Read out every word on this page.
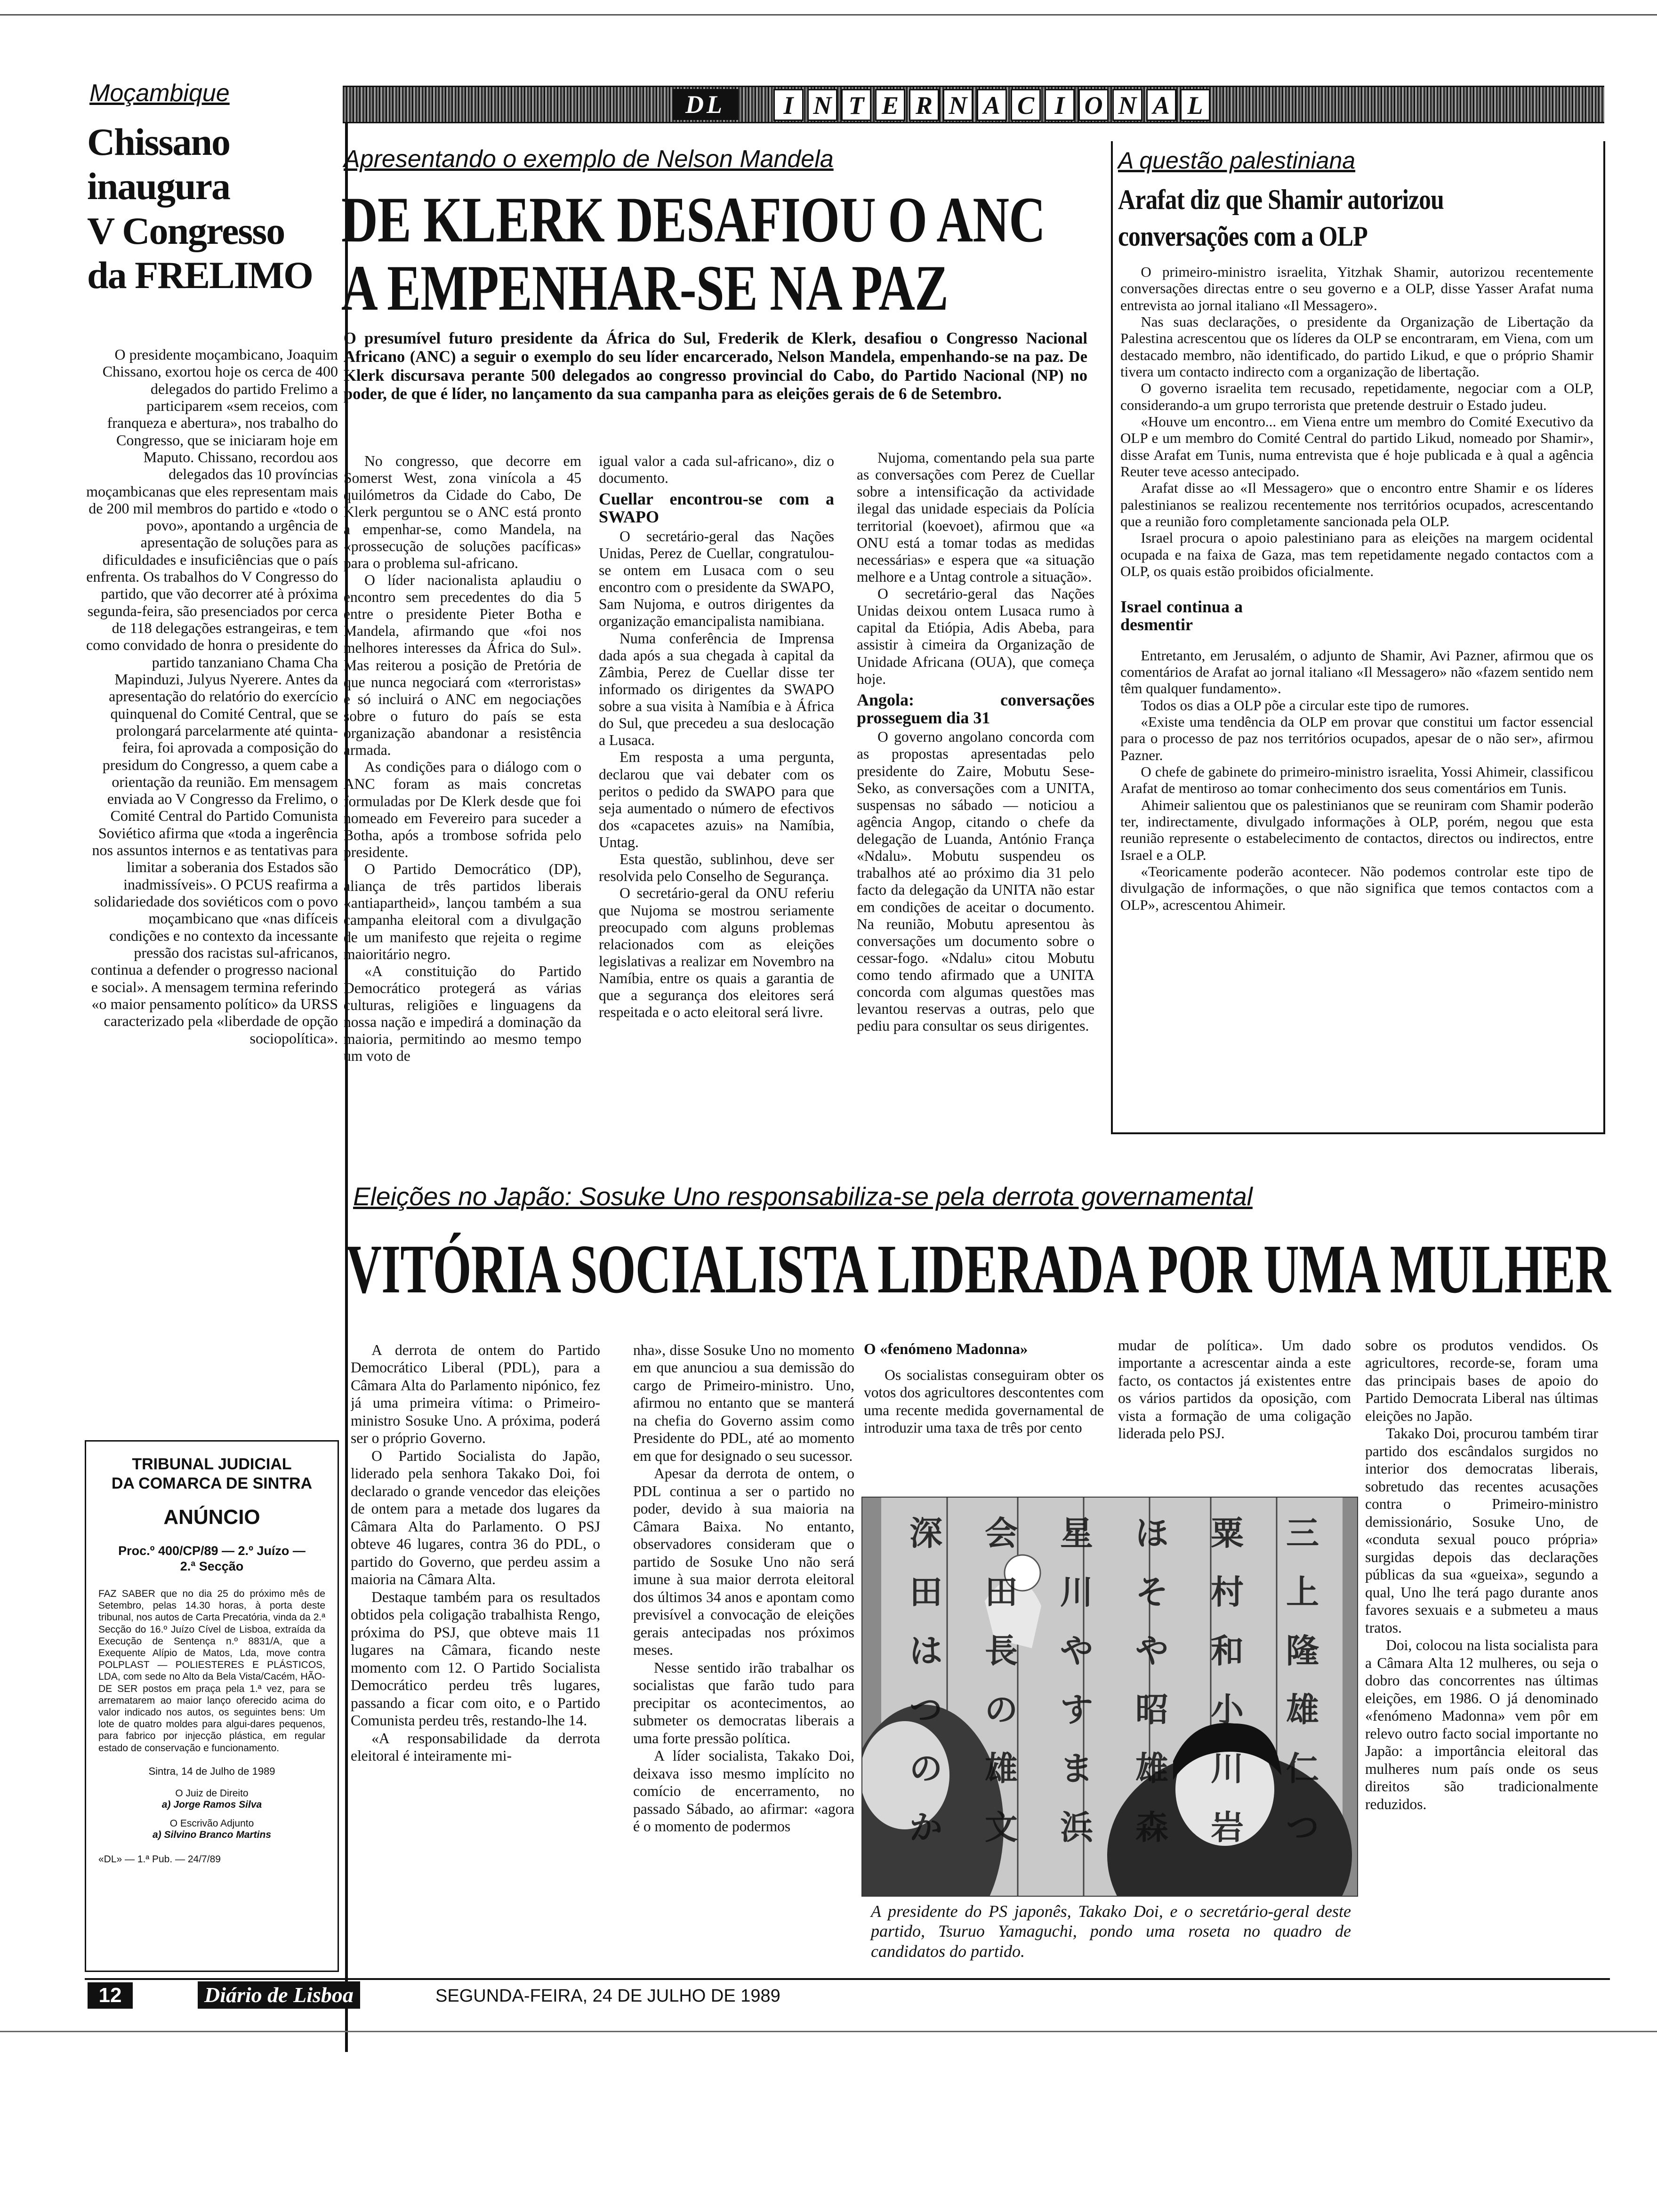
Moçambique
Chissano
inaugura
V Congresso
da FRELIMO

O presidente moçambicano, Joaquim Chissano, exortou hoje os cerca de 400 delegados do partido Frelimo a participarem «sem receios, com franqueza e abertura», nos trabalho do Congresso, que se iniciaram hoje em Maputo. Chissano, recordou aos delegados das 10 províncias moçambicanas que eles representam mais de 200 mil membros do partido e «todo o povo», apontando a urgência de apresentação de soluções para as dificuldades e insuficiências que o país enfrenta. Os trabalhos do V Congresso do partido, que vão decorrer até à próxima segunda-feira, são presenciados por cerca de 118 delegações estrangeiras, e tem como convidado de honra o presidente do partido tanzaniano Chama Cha Mapinduzi, Julyus Nyerere. Antes da apresentação do relatório do exercício quinquenal do Comité Central, que se prolongará parcelarmente até quinta-feira, foi aprovada a composição do presidum do Congresso, a quem cabe a orientação da reunião. Em mensagem enviada ao V Congresso da Frelimo, o Comité Central do Partido Comunista Soviético afirma que «toda a ingerência nos assuntos internos e as tentativas para limitar a soberania dos Estados são inadmissíveis». O PCUS reafirma a solidariedade dos soviéticos com o povo moçambicano que «nas difíceis condições e no contexto da incessante pressão dos racistas sul-africanos, continua a defender o progresso nacional e social». A mensagem termina referindo «o maior pensamento político» da URSS caracterizado pela «liberdade de opção sociopolítica».

TRIBUNAL JUDICIAL
DA COMARCA DE SINTRA
ANÚNCIO
Proc.º 400/CP/89 — 2.º Juízo — 2.ª Secção
FAZ SABER que no dia 25 do próximo mês de Setembro, pelas 14.30 horas, à porta deste tribunal, nos autos de Carta Precatória, vinda da 2.ª Secção do 16.º Juízo Cível de Lisboa, extraída da Execução de Sentença n.º 8831/A, que a Exequente Alípio de Matos, Lda, move contra POLPLAST — POLIESTERES E PLÁSTICOS, LDA, com sede no Alto da Bela Vista/Cacém, HÃO-DE SER postos em praça pela 1.ª vez, para se arrematarem ao maior lanço oferecido acima do valor indicado nos autos, os seguintes bens: Um lote de quatro moldes para algui-dares pequenos, para fabrico por injecção plástica, em regular estado de conservação e funcionamento.
Sintra, 14 de Julho de 1989
O Juiz de Direito
a) Jorge Ramos Silva
O Escrivão Adjunto
a) Silvino Branco Martins
«DL» — 1.ª Pub. — 24/7/89
DL	I N T E R N A C I O N A L
Apresentando o exemplo de Nelson Mandela
DE KLERK DESAFIOU O ANC
A EMPENHAR-SE NA PAZ
O presumível futuro presidente da África do Sul, Frederik de Klerk, desafiou o Congresso Nacional Africano (ANC) a seguir o exemplo do seu líder encarcerado, Nelson Mandela, empenhando-se na paz. De Klerk discursava perante 500 delegados ao congresso provincial do Cabo, do Partido Nacional (NP) no poder, de que é líder, no lançamento da sua campanha para as eleições gerais de 6 de Setembro.

No congresso, que decorre em Somerst West, zona vinícola a 45 quilómetros da Cidade do Cabo, De Klerk perguntou se o ANC está pronto a empenhar-se, como Mandela, na «prossecução de soluções pacíficas» para o problema sul-africano.

O líder nacionalista aplaudiu o encontro sem precedentes do dia 5 entre o presidente Pieter Botha e Mandela, afirmando que «foi nos melhores interesses da África do Sul». Mas reiterou a posição de Pretória de que nunca negociará com «terroristas» e só incluirá o ANC em negociações sobre o futuro do país se esta organização abandonar a resistência armada.

As condições para o diálogo com o ANC foram as mais concretas formuladas por De Klerk desde que foi nomeado em Fevereiro para suceder a Botha, após a trombose sofrida pelo presidente.

O Partido Democrático (DP), aliança de três partidos liberais «antiapartheid», lançou também a sua campanha eleitoral com a divulgação de um manifesto que rejeita o regime maioritário negro.

«A constituição do Partido Democrático protegerá as várias culturas, religiões e linguagens da nossa nação e impedirá a dominação da maioria, permitindo ao mesmo tempo um voto de

igual valor a cada sul-africano», diz o documento.

Cuellar encontrou-se com a SWAPO

O secretário-geral das Nações Unidas, Perez de Cuellar, congratulou-se ontem em Lusaca com o seu encontro com o presidente da SWAPO, Sam Nujoma, e outros dirigentes da organização emancipalista namibiana.

Numa conferência de Imprensa dada após a sua chegada à capital da Zâmbia, Perez de Cuellar disse ter informado os dirigentes da SWAPO sobre a sua visita à Namíbia e à África do Sul, que precedeu a sua deslocação a Lusaca.

Em resposta a uma pergunta, declarou que vai debater com os peritos o pedido da SWAPO para que seja aumentado o número de efectivos dos «capacetes azuis» na Namíbia, Untag.

Esta questão, sublinhou, deve ser resolvida pelo Conselho de Segurança.

O secretário-geral da ONU referiu que Nujoma se mostrou seriamente preocupado com alguns problemas relacionados com as eleições legislativas a realizar em Novembro na Namíbia, entre os quais a garantia de que a segurança dos eleitores será respeitada e o acto eleitoral será livre.

Nujoma, comentando pela sua parte as conversações com Perez de Cuellar sobre a intensificação da actividade ilegal das unidade especiais da Polícia territorial (koevoet), afirmou que «a ONU está a tomar todas as medidas necessárias» e espera que «a situação melhore e a Untag controle a situação».

O secretário-geral das Nações Unidas deixou ontem Lusaca rumo à capital da Etiópia, Adis Abeba, para assistir à cimeira da Organização de Unidade Africana (OUA), que começa hoje.

Angola: conversações prosseguem dia 31

O governo angolano concorda com as propostas apresentadas pelo presidente do Zaire, Mobutu Sese-Seko, as conversações com a UNITA, suspensas no sábado — noticiou a agência Angop, citando o chefe da delegação de Luanda, António França «Ndalu». Mobutu suspendeu os trabalhos até ao próximo dia 31 pelo facto da delegação da UNITA não estar em condições de aceitar o documento. Na reunião, Mobutu apresentou às conversações um documento sobre o cessar-fogo. «Ndalu» citou Mobutu como tendo afirmado que a UNITA concorda com algumas questões mas levantou reservas a outras, pelo que pediu para consultar os seus dirigentes.

A questão palestiniana
Arafat diz que Shamir autorizou
conversações com a OLP

O primeiro-ministro israelita, Yitzhak Shamir, autorizou recentemente conversações directas entre o seu governo e a OLP, disse Yasser Arafat numa entrevista ao jornal italiano «Il Messagero».

Nas suas declarações, o presidente da Organização de Libertação da Palestina acrescentou que os líderes da OLP se encontraram, em Viena, com um destacado membro, não identificado, do partido Likud, e que o próprio Shamir tivera um contacto indirecto com a organização de libertação.

O governo israelita tem recusado, repetidamente, negociar com a OLP, considerando-a um grupo terrorista que pretende destruir o Estado judeu.

«Houve um encontro... em Viena entre um membro do Comité Executivo da OLP e um membro do Comité Central do partido Likud, nomeado por Shamir», disse Arafat em Tunis, numa entrevista que é hoje publicada e à qual a agência Reuter teve acesso antecipado.

Arafat disse ao «Il Messagero» que o encontro entre Shamir e os líderes palestinianos se realizou recentemente nos territórios ocupados, acrescentando que a reunião foro completamente sancionada pela OLP.

Israel procura o apoio palestiniano para as eleições na margem ocidental ocupada e na faixa de Gaza, mas tem repetidamente negado contactos com a OLP, os quais estão proibidos oficialmente.

Israel continua a desmentir

Entretanto, em Jerusalém, o adjunto de Shamir, Avi Pazner, afirmou que os comentários de Arafat ao jornal italiano «Il Messagero» não «fazem sentido nem têm qualquer fundamento».

Todos os dias a OLP põe a circular este tipo de rumores.

«Existe uma tendência da OLP em provar que constitui um factor essencial para o processo de paz nos territórios ocupados, apesar de o não ser», afirmou Pazner.

O chefe de gabinete do primeiro-ministro israelita, Yossi Ahimeir, classificou Arafat de mentiroso ao tomar conhecimento dos seus comentários em Tunis.

Ahimeir salientou que os palestinianos que se reuniram com Shamir poderão ter, indirectamente, divulgado informações à OLP, porém, negou que esta reunião represente o estabelecimento de contactos, directos ou indirectos, entre Israel e a OLP.

«Teoricamente poderão acontecer. Não podemos controlar este tipo de divulgação de informações, o que não significa que temos contactos com a OLP», acrescentou Ahimeir.

Eleições no Japão: Sosuke Uno responsabiliza-se pela derrota governamental
VITÓRIA SOCIALISTA LIDERADA POR UMA MULHER

A derrota de ontem do Partido Democrático Liberal (PDL), para a Câmara Alta do Parlamento nipónico, fez já uma primeira vítima: o Primeiro-ministro Sosuke Uno. A próxima, poderá ser o próprio Governo.

O Partido Socialista do Japão, liderado pela senhora Takako Doi, foi declarado o grande vencedor das eleições de ontem para a metade dos lugares da Câmara Alta do Parlamento. O PSJ obteve 46 lugares, contra 36 do PDL, o partido do Governo, que perdeu assim a maioria na Câmara Alta.

Destaque também para os resultados obtidos pela coligação trabalhista Rengo, próxima do PSJ, que obteve mais 11 lugares na Câmara, ficando neste momento com 12. O Partido Socialista Democrático perdeu três lugares, passando a ficar com oito, e o Partido Comunista perdeu três, restando-lhe 14.

«A responsabilidade da derrota eleitoral é inteiramente mi-

nha», disse Sosuke Uno no momento em que anunciou a sua demissão do cargo de Primeiro-ministro. Uno, afirmou no entanto que se manterá na chefia do Governo assim como Presidente do PDL, até ao momento em que for designado o seu sucessor.

Apesar da derrota de ontem, o PDL continua a ser o partido no poder, devido à sua maioria na Câmara Baixa. No entanto, observadores consideram que o partido de Sosuke Uno não será imune à sua maior derrota eleitoral dos últimos 34 anos e apontam como previsível a convocação de eleições gerais antecipadas nos próximos meses.

Nesse sentido irão trabalhar os socialistas que farão tudo para precipitar os acontecimentos, ao submeter os democratas liberais a uma forte pressão política.

A líder socialista, Takako Doi, deixava isso mesmo implícito no comício de encerramento, no passado Sábado, ao afirmar: «agora é o momento de podermos

O «fenómeno Madonna»

Os socialistas conseguiram obter os votos dos agricultores descontentes com uma recente medida governamental de introduzir uma taxa de três por cento

mudar de política». Um dado importante a acrescentar ainda a este facto, os contactos já existentes entre os vários partidos da oposição, com vista a formação de uma coligação liderada pelo PSJ.

sobre os produtos vendidos. Os agricultores, recorde-se, foram uma das principais bases de apoio do Partido Democrata Liberal nas últimas eleições no Japão.

Takako Doi, procurou também tirar partido dos escândalos surgidos no interior dos democratas liberais, sobretudo das recentes acusações contra o Primeiro-ministro demissionário, Sosuke Uno, de «conduta sexual pouco própria» surgidas depois das declarações públicas da sua «gueixa», segundo a qual, Uno lhe terá pago durante anos favores sexuais e a submeteu a maus tratos.

Doi, colocou na lista socialista para a Câmara Alta 12 mulheres, ou seja o dobro das concorrentes nas últimas eleições, em 1986. O já denominado «fenómeno Madonna» vem pôr em relevo outro facto social importante no Japão: a importância eleitoral das mulheres num país onde os seus direitos são tradicionalmente reduzidos.

深	会	星	ほ	粟	三
田	田	川	そ	村	上
は	長	や	や	和	隆
つ	の	す	昭	小	雄
の	雄	ま	雄	川	仁
か	文	浜	森	岩	つ
A presidente do PS japonês, Takako Doi, e o secretário-geral deste partido, Tsuruo Yamaguchi, pondo uma roseta no quadro de candidatos do partido.
12	Diário de Lisboa	SEGUNDA-FEIRA, 24 DE JULHO DE 1989
